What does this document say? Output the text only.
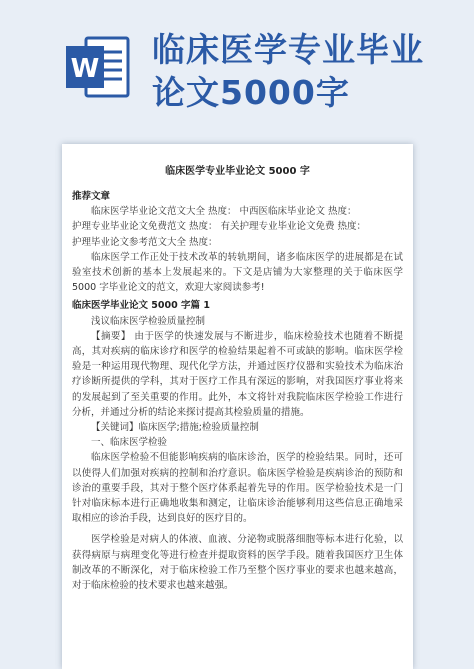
W 临床医学专业毕业论文5000字
临床医学专业毕业论文 5000 字

推荐文章

临床医学毕业论文范文大全 热度： 中西医临床毕业论文 热度：

护理专业毕业论文免费范文 热度： 有关护理专业毕业论文免费 热度：

护理毕业论文参考范文大全 热度：

临床医学工作正处于技术改革的转轨期间，诸多临床医学的进展都是在试验室技术创新的基本上发展起来的。下文是店铺为大家整理的关于临床医学 5000 字毕业论文的范文，欢迎大家阅读参考!

临床医学毕业论文 5000 字篇 1

浅议临床医学检验质量控制

【摘要】 由于医学的快速发展与不断进步，临床检验技术也随着不断提高，其对疾病的临床诊疗和医学的检验结果起着不可或缺的影响。临床医学检验是一种运用现代物理、现代化学方法，并通过医疗仪器和实验技术为临床治疗诊断所提供的学科，其对于医疗工作具有深远的影响，对我国医疗事业将来的发展起到了至关重要的作用。此外，本文将针对我院临床医学检验工作进行分析，并通过分析的结论来探讨提高其检验质量的措施。

【关键词】临床医学;措施;检验质量控制

一、临床医学检验

临床医学检验不但能影响疾病的临床诊治，医学的检验结果。同时，还可以使得人们加强对疾病的控制和治疗意识。临床医学检验是疾病诊治的预防和诊治的重要手段，其对于整个医疗体系起着先导的作用。医学检验技术是一门针对临床标本进行正确地收集和测定，让临床诊治能够利用这些信息正确地采取相应的诊治手段，达到良好的医疗目的。

医学检验是对病人的体液、血液、分泌物或脱落细胞等标本进行化验，以获得病原与病理变化等进行检查并提取资料的医学手段。随着我国医疗卫生体制改革的不断深化，对于临床检验工作乃至整个医疗事业的要求也越来越高，对于临床检验的技术要求也越来越强。
